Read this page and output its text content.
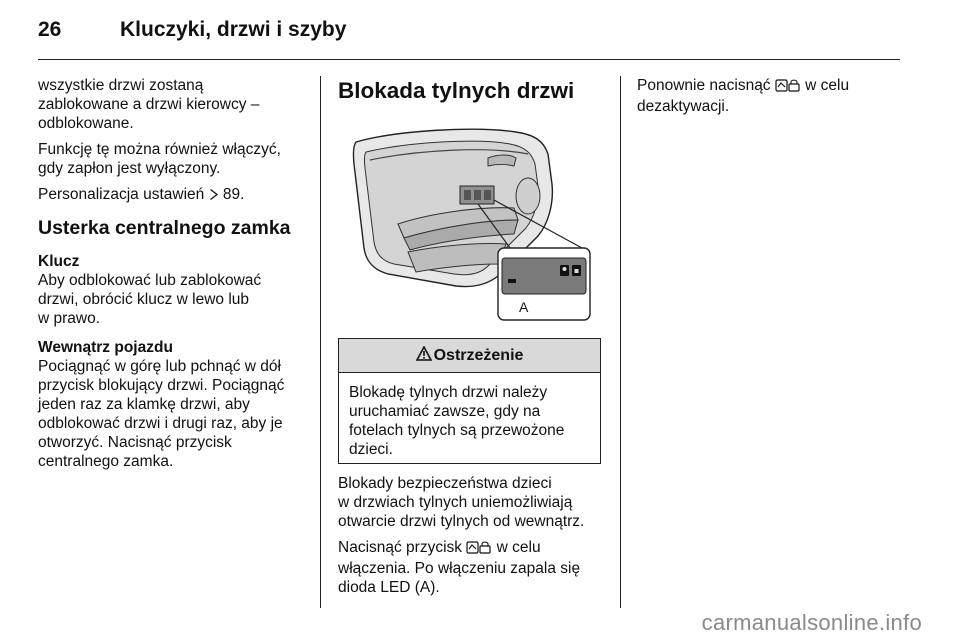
26	Kluczyki, drzwi i szyby
wszystkie drzwi zostaną
zablokowane a drzwi kierowcy –
odblokowane.
Funkcję tę można również włączyć,
gdy zapłon jest wyłączony.
Personalizacja ustawień  89.
Usterka centralnego zamka
Klucz
Aby odblokować lub zablokować
drzwi, obrócić klucz w lewo lub
w prawo.
Wewnątrz pojazdu
Pociągnąć w górę lub pchnąć w dół
przycisk blokujący drzwi. Pociągnąć
jeden raz za klamkę drzwi, aby
odblokować drzwi i drugi raz, aby je
otworzyć. Nacisnąć przycisk
centralnego zamka.
Blokada tylnych drzwi
A
Ostrzeżenie
Blokadę tylnych drzwi należy
uruchamiać zawsze, gdy na
fotelach tylnych są przewożone
dzieci.
Blokady bezpieczeństwa dzieci
w drzwiach tylnych uniemożliwiają
otwarcie drzwi tylnych od wewnątrz.
Nacisnąć przycisk  w celu
włączenia. Po włączeniu zapala się
dioda LED (A).
Ponownie nacisnąć  w celu
dezaktywacji.
carmanualsonline.info
